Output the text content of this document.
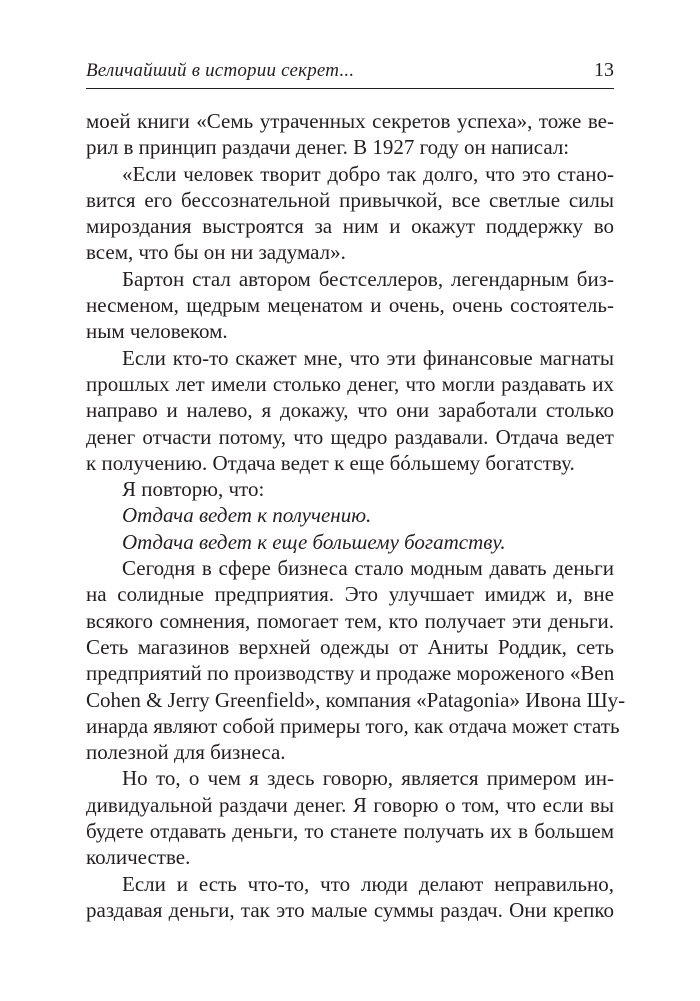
Величайший в истории секрет...	13
моей книги «Семь утраченных секретов успеха», тоже ве-
рил в принцип раздачи денег. В 1927 году он написал:
«Если человек творит добро так долго, что это стано-
вится его бессознательной привычкой, все светлые силы
мироздания выстроятся за ним и окажут поддержку во
всем, что бы он ни задумал».
Бартон стал автором бестселлеров, легендарным биз-
несменом, щедрым меценатом и очень, очень состоятель-
ным человеком.
Если кто-то скажет мне, что эти финансовые магнаты
прошлых лет имели столько денег, что могли раздавать их
направо и налево, я докажу, что они заработали столько
денег отчасти потому, что щедро раздавали. Отдача ведет
к получению. Отдача ведет к еще бóльшему богатству.
Я повторю, что:
Отдача ведет к получению.
Отдача ведет к еще большему богатству.
Сегодня в сфере бизнеса стало модным давать деньги
на солидные предприятия. Это улучшает имидж и, вне
всякого сомнения, помогает тем, кто получает эти деньги.
Сеть магазинов верхней одежды от Аниты Роддик, сеть
предприятий по производству и продаже мороженого «Ben
Cohen & Jerry Greenfield», компания «Patagonia» Ивона Шу-
инарда являют собой примеры того, как отдача может стать
полезной для бизнеса.
Но то, о чем я здесь говорю, является примером ин-
дивидуальной раздачи денег. Я говорю о том, что если вы
будете отдавать деньги, то станете получать их в большем
количестве.
Если и есть что-то, что люди делают неправильно,
раздавая деньги, так это малые суммы раздач. Они крепко
